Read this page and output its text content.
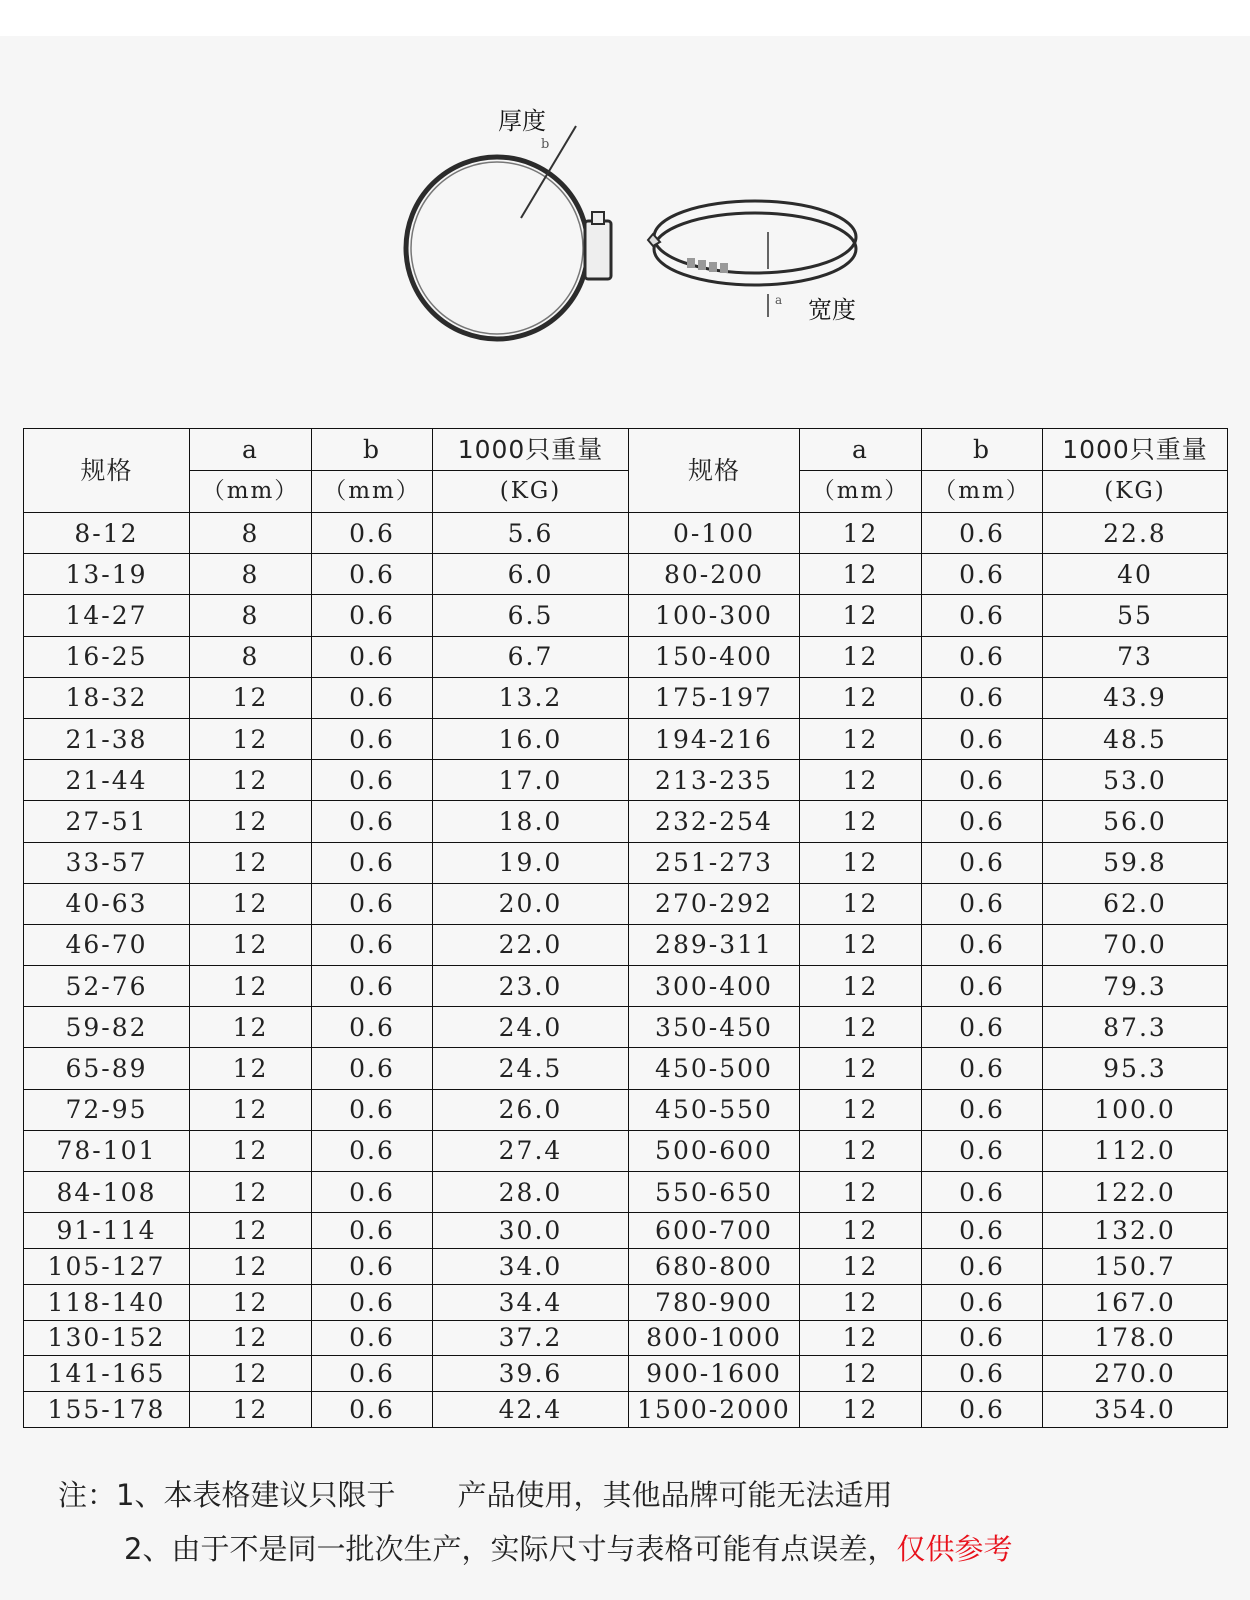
厚度
b
a 宽度
规格	a	b	1000只重量	规格	a	b	1000只重量
	（mm）	（mm）	(KG)		（mm）	（mm）	(KG)
8-12	8	0.6	5.6	0-100	12	0.6	22.8
13-19	8	0.6	6.0	80-200	12	0.6	40
14-27	8	0.6	6.5	100-300	12	0.6	55
16-25	8	0.6	6.7	150-400	12	0.6	73
18-32	12	0.6	13.2	175-197	12	0.6	43.9
21-38	12	0.6	16.0	194-216	12	0.6	48.5
21-44	12	0.6	17.0	213-235	12	0.6	53.0
27-51	12	0.6	18.0	232-254	12	0.6	56.0
33-57	12	0.6	19.0	251-273	12	0.6	59.8
40-63	12	0.6	20.0	270-292	12	0.6	62.0
46-70	12	0.6	22.0	289-311	12	0.6	70.0
52-76	12	0.6	23.0	300-400	12	0.6	79.3
59-82	12	0.6	24.0	350-450	12	0.6	87.3
65-89	12	0.6	24.5	450-500	12	0.6	95.3
72-95	12	0.6	26.0	450-550	12	0.6	100.0
78-101	12	0.6	27.4	500-600	12	0.6	112.0
84-108	12	0.6	28.0	550-650	12	0.6	122.0
91-114	12	0.6	30.0	600-700	12	0.6	132.0
105-127	12	0.6	34.0	680-800	12	0.6	150.7
118-140	12	0.6	34.4	780-900	12	0.6	167.0
130-152	12	0.6	37.2	800-1000	12	0.6	178.0
141-165	12	0.6	39.6	900-1600	12	0.6	270.0
155-178	12	0.6	42.4	1500-2000	12	0.6	354.0
注：1、本表格建议只限于 产品使用，其他品牌可能无法适用
2、由于不是同一批次生产，实际尺寸与表格可能有点误差，仅供参考
